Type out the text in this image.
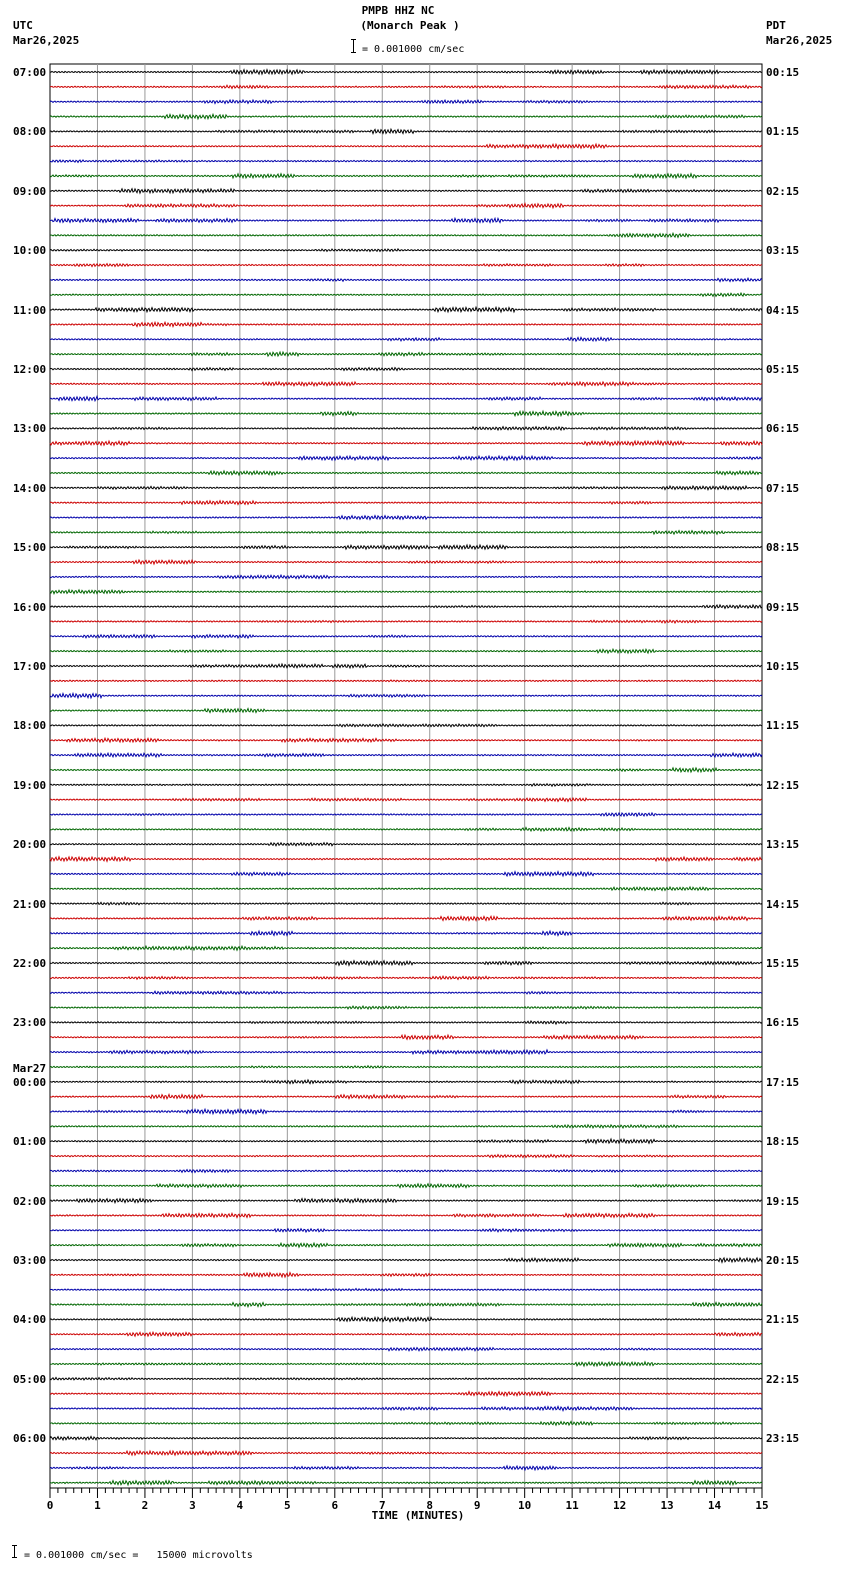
0	1	2	3	4	5	6	7	8	9	10	11	12	13	14	15
PMPB HHZ NC
(Monarch Peak )
= 0.001000 cm/sec
UTC
Mar26,2025
PDT
Mar26,2025
TIME (MINUTES)
= 0.001000 cm/sec =   15000 microvolts
07:00	00:15
08:00	01:15
09:00	02:15
10:00	03:15
11:00	04:15
12:00	05:15
13:00	06:15
14:00	07:15
15:00	08:15
16:00	09:15
17:00	10:15
18:00	11:15
19:00	12:15
20:00	13:15
21:00	14:15
22:00	15:15
23:00	16:15
00:00	17:15
Mar27
01:00	18:15
02:00	19:15
03:00	20:15
04:00	21:15
05:00	22:15
06:00	23:15
